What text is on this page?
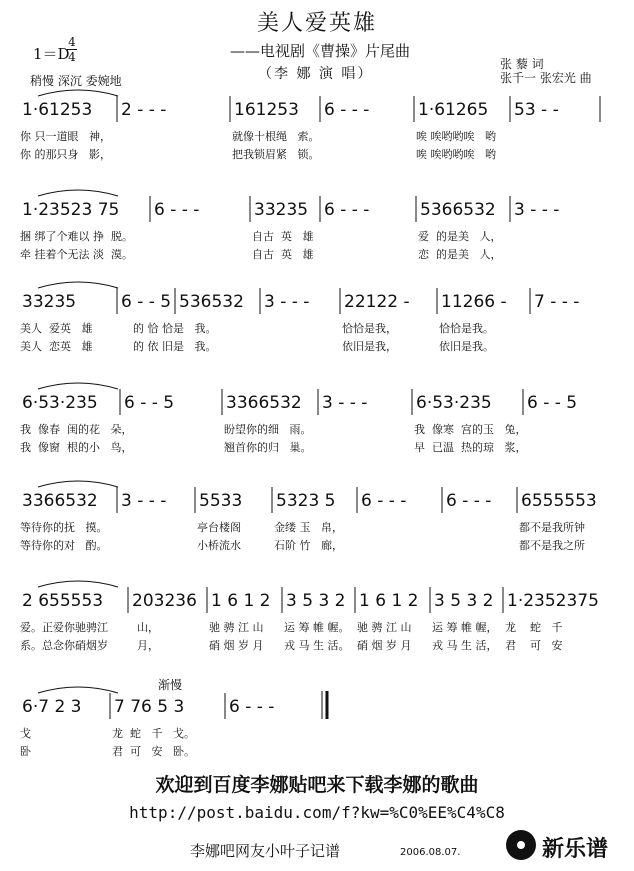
美人爱英雄
——电视剧《曹操》片尾曲
（李 娜 演 唱）
1＝D
4
4
稍慢 深沉 委婉地
张 藜 词
张千一 张宏光 曲
1·61253
你 只一道眼   神，
你 的那只身   影，
2 - - -	161253
就像十根绳   索。
把我锁眉紧   锁。
6 - - -	1·61265
唉 唉哟哟唉   哟
唉 唉哟哟唉   哟
53 - -
1·23523 75
捆 绑了个难以 挣  脱。
牵 挂着个无法 淡  漠。
6 - - -	33235
自古  英   雄
自古  英   雄
6 - - -	5366532
爱  的是美   人，
恋  的是美   人，
3 - - -
33235
美人  爱英   雄
美人  恋英   雄
6 - - 5
的 恰 恰是   我。
的 依 旧是   我。
536532 3 - - - 22122 -
恰恰是我，
依旧是我，
11266 -
恰恰是我。
依旧是我。
7 - - -
6·53·235
我  像春  闺的花   朵，
我  像窗  根的小   鸟，
6 - - 5	3366532
盼望你的细   雨。
翘首你的归   巢。
3 - - -	6·53·235
我  像寒  宫的玉   兔，
早  已温  热的琼   浆，
6 - - 5
3366532
等待你的抚   摸。
等待你的对   酌。
3 - - - 5533
亭台楼阁
小桥流水
5323 5
金缕 玉   帛，
石阶 竹   廊，
6 - - - 6 - - - 6555553
都不是我所钟
都不是我之所
2 655553
爱。正爱你驰骋江
系。总念你硝烟岁
203236
山，
月，
1 6 1 2
驰 骋 江 山
硝 烟 岁 月
3 5 3 2
运 筹 帷 幄。
戎 马 生 活。
1 6 1 2
驰 骋 江 山
硝 烟 岁 月
3 5 3 2
运 筹 帷 幄，
戎 马 生 活，
1·2352375
龙    蛇   千
君    可   安
6·7 2 3
戈
卧
7 76 5 3
龙  蛇   千   戈。
君  可   安   卧。
6 - - -
渐慢
欢迎到百度李娜贴吧来下载李娜的歌曲
http://post.baidu.com/f?kw=%C0%EE%C4%C8
李娜吧网友小叶子记谱	2006.08.07.	新乐谱
